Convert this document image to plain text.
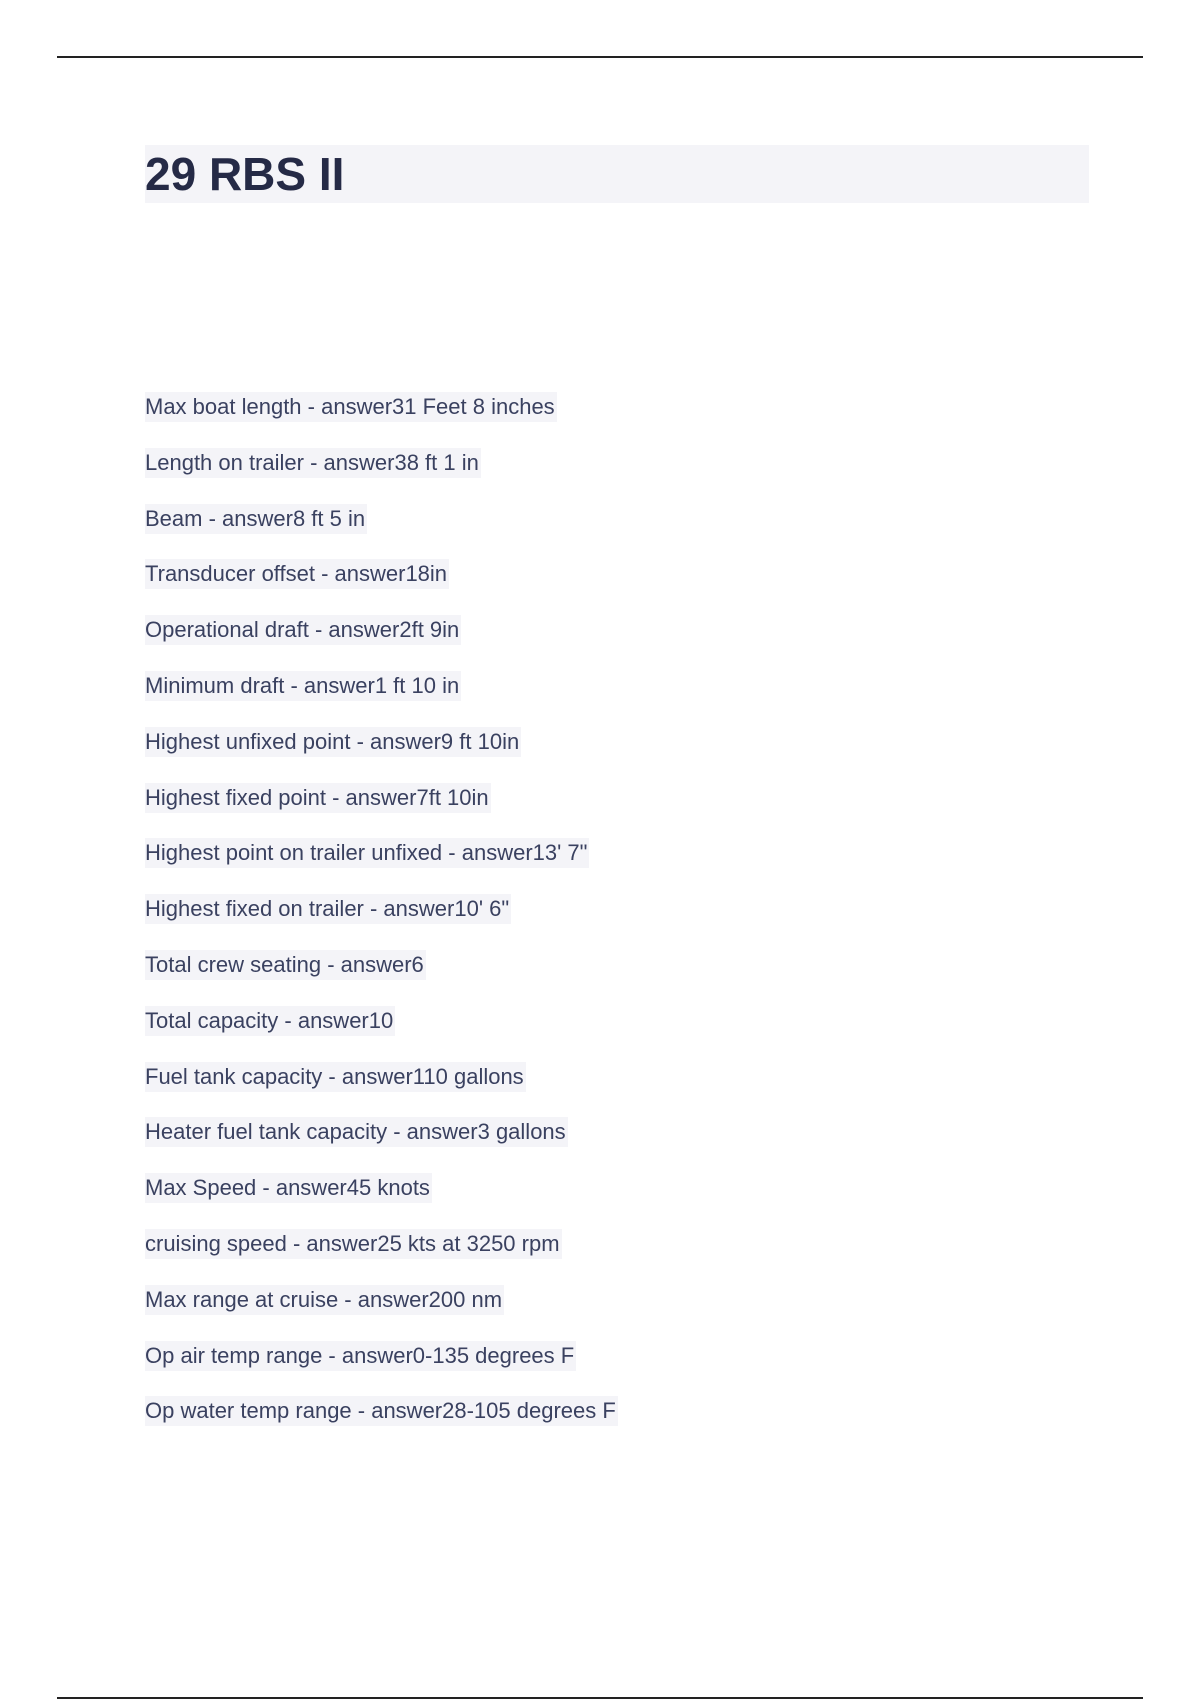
29 RBS II
Max boat length - answer31 Feet 8 inches
Length on trailer - answer38 ft 1 in
Beam - answer8 ft 5 in
Transducer offset - answer18in
Operational draft - answer2ft 9in
Minimum draft - answer1 ft 10 in
Highest unfixed point - answer9 ft 10in
Highest fixed point - answer7ft 10in
Highest point on trailer unfixed - answer13' 7"
Highest fixed on trailer - answer10' 6"
Total crew seating - answer6
Total capacity - answer10
Fuel tank capacity - answer110 gallons
Heater fuel tank capacity - answer3 gallons
Max Speed - answer45 knots
cruising speed - answer25 kts at 3250 rpm
Max range at cruise - answer200 nm
Op air temp range - answer0-135 degrees F
Op water temp range - answer28-105 degrees F
